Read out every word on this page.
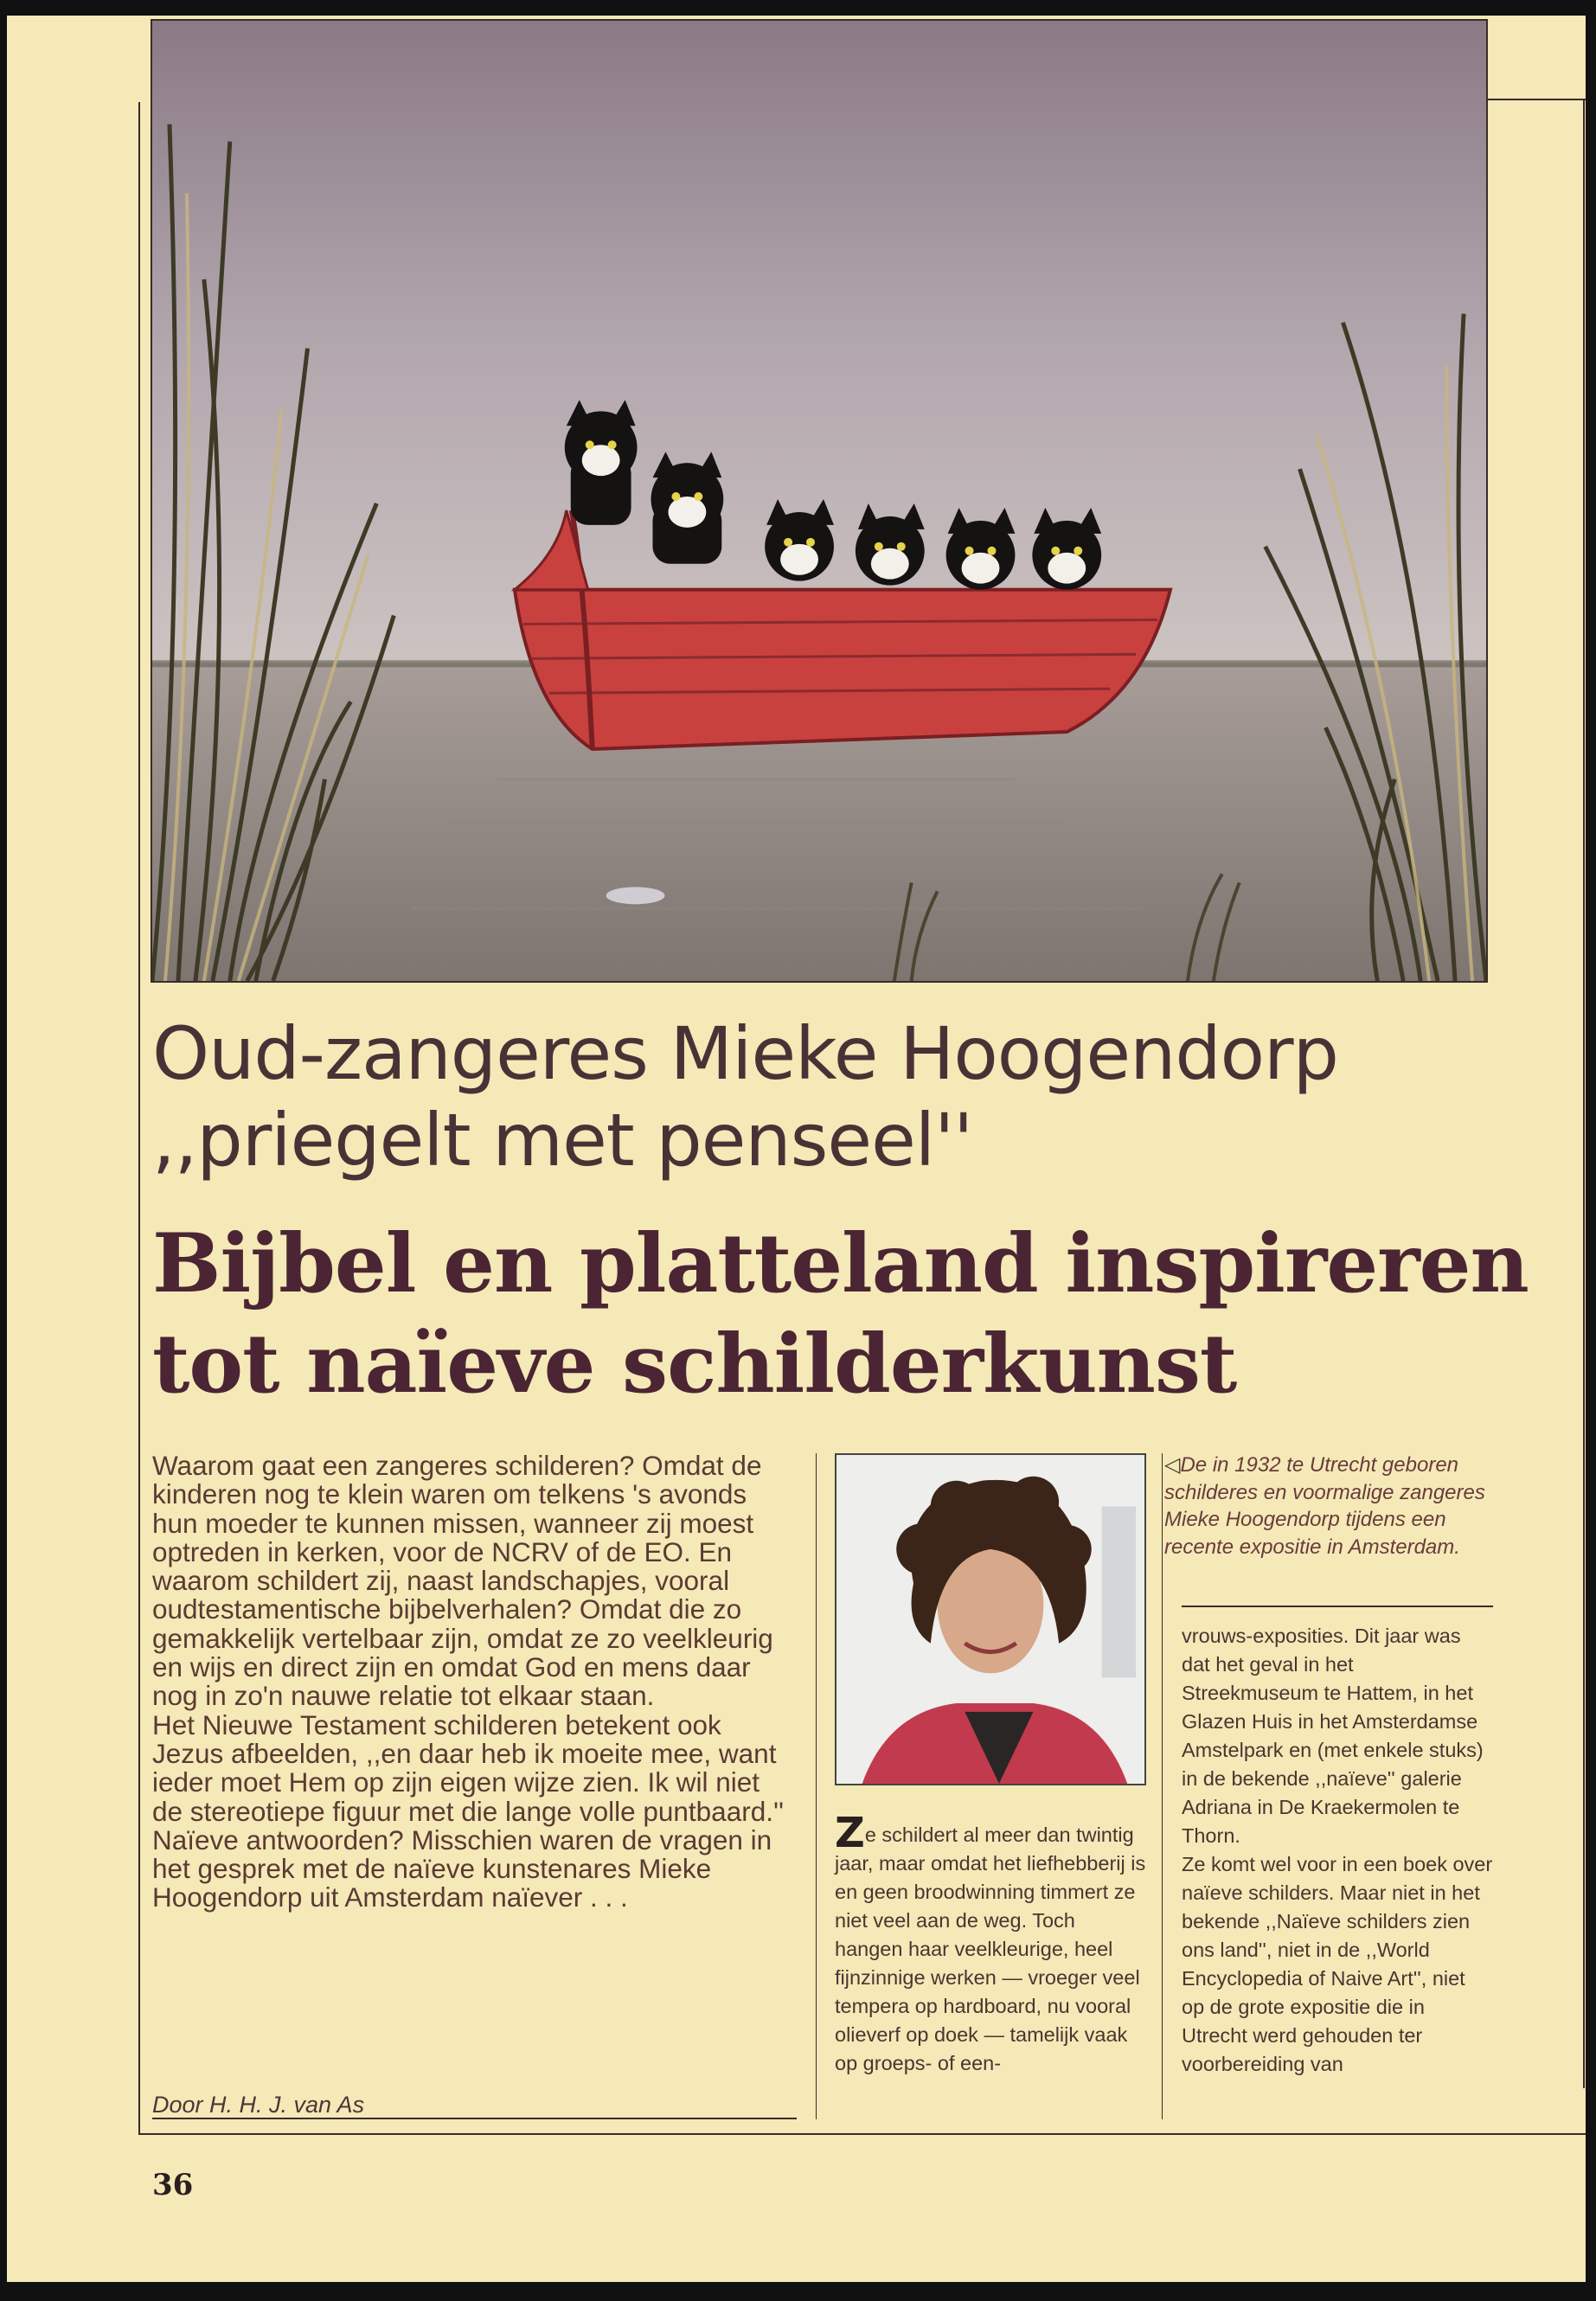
Oud-zangeres Mieke Hoogendorp
,,priegelt met penseel''
Bijbel en platteland inspireren
tot naïeve schilderkunst

Waarom gaat een zangeres schilderen? Omdat de kinderen nog te klein waren om telkens 's avonds hun moeder te kunnen missen, wanneer zij moest optreden in kerken, voor de NCRV of de EO. En waarom schildert zij, naast landschapjes, vooral oudtestamentische bijbelverhalen? Omdat die zo gemakkelijk vertelbaar zijn, omdat ze zo veelkleurig en wijs en direct zijn en omdat God en mens daar nog in zo'n nauwe relatie tot elkaar staan.

Het Nieuwe Testament schilderen betekent ook Jezus afbeelden, ,,en daar heb ik moeite mee, want ieder moet Hem op zijn eigen wijze zien. Ik wil niet de stereotiepe figuur met die lange volle puntbaard.'' Naïeve antwoorden? Misschien waren de vragen in het gesprek met de naïeve kunstenares Mieke Hoogendorp uit Amsterdam naïever . . .

Door H. H. J. van As
Ze schildert al meer dan twintig jaar, maar omdat het liefhebberij is en geen broodwinning timmert ze niet veel aan de weg. Toch hangen haar veelkleurige, heel fijnzinnige werken — vroeger veel tempera op hardboard, nu vooral olieverf op doek — tamelijk vaak op groeps- of een-
◁De in 1932 te Utrecht geboren schilderes en voormalige zangeres Mieke Hoogendorp tijdens een recente expositie in Amsterdam.

vrouws-exposities. Dit jaar was dat het geval in het Streekmuseum te Hattem, in het Glazen Huis in het Amsterdamse Amstelpark en (met enkele stuks) in de bekende ,,naïeve'' galerie Adriana in De Kraekermolen te Thorn.

Ze komt wel voor in een boek over naïeve schilders. Maar niet in het bekende ,,Naïeve schilders zien ons land'', niet in de ,,World Encyclopedia of Naive Art'', niet op de grote expositie die in Utrecht werd gehouden ter voorbereiding van

36
